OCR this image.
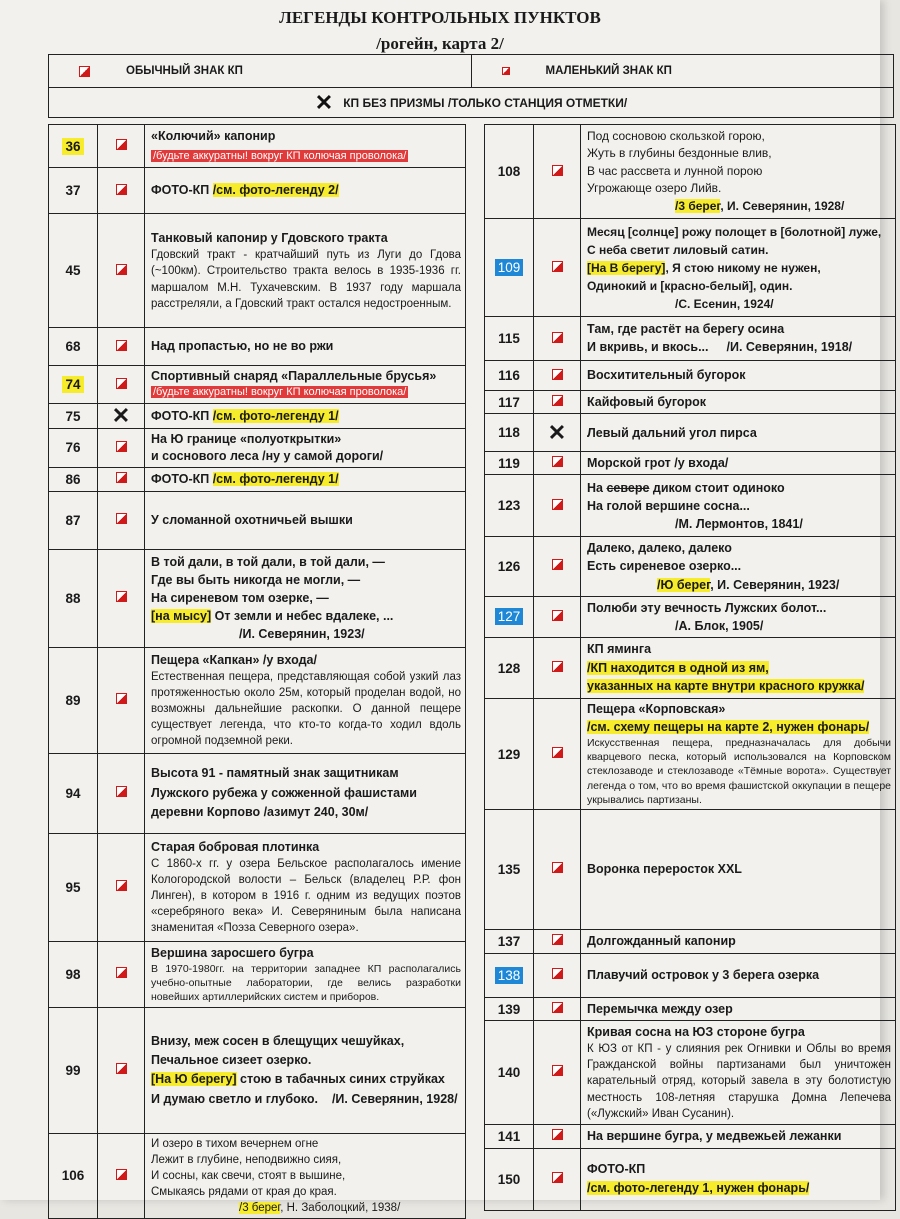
ЛЕГЕНДЫ КОНТРОЛЬНЫХ ПУНКТОВ
/рогейн, карта 2/
ОБЫЧНЫЙ ЗНАК КП	МАЛЕНЬКИЙ ЗНАК КП
✕ КП БЕЗ ПРИЗМЫ /ТОЛЬКО СТАНЦИЯ ОТМЕТКИ/
36		«Колючий» капонир
/будьте аккуратны! вокруг КП колючая проволока/
37		ФОТО-КП /см. фото-легенду 2/
45		Танковый капонир у Гдовского тракта
Гдовский тракт - кратчайший путь из Луги до Гдова (~100км). Строительство тракта велось в 1935-1936 гг. маршалом М.Н. Тухачевским. В 1937 году маршала расстреляли, а Гдовский тракт остался недостроенным.

68		Над пропастью, но не во ржи
74		Спортивный снаряд «Параллельные брусья»
/будьте аккуратны! вокруг КП колючая проволока/
75	✕	ФОТО-КП /см. фото-легенду 1/
76		На Ю границе «полуоткрытки»
и соснового леса /ну у самой дороги/

86		ФОТО-КП /см. фото-легенду 1/
87		У сломанной охотничьей вышки
88		В той дали, в той дали, в той дали, —
Где вы быть никогда не могли, —
На сиреневом том озерке, —
[на мысу] От земли и небес вдалеке, ...
/И. Северянин, 1923/

89		Пещера «Капкан» /у входа/
Естественная пещера, представляющая собой узкий лаз протяженностью около 25м, который проделан водой, но возможны дальнейшие раскопки. О данной пещере существует легенда, что кто-то когда-то ходил вдоль огромной подземной реки.

94		Высота 91 - памятный знак защитникам
Лужского рубежа у сожженной фашистами
деревни Корпово /азимут 240, 30м/

95		Старая бобровая плотинка
С 1860-х гг. у озера Бельское располагалось имение Кологородской волости – Бельск (владелец Р.Р. фон Линген), в котором в 1916 г. одним из ведущих поэтов «серебряного века» И. Северяниным была написана знаменитая «Поэза Северного озера».

98		Вершина заросшего бугра
В 1970-1980гг. на территории западнее КП располагались учебно-опытные лаборатории, где велись разработки новейших артиллерийских систем и приборов.

99		Внизу, меж сосен в блещущих чешуйках,
Печальное сизеет озерко.
[На Ю берегу] стою в табачных синих струйках
И думаю светло и глубоко. /И. Северянин, 1928/

106		И озеро в тихом вечернем огне
Лежит в глубине, неподвижно сияя,
И сосны, как свечи, стоят в вышине,
Смыкаясь рядами от края до края.
/3 берег, Н. Заболоцкий, 1938/
108		Под сосновою скользкой горою,
Жуть в глубины бездонные влив,
В час рассвета и лунной порою
Угрожающе озеро Лийв.
/3 берег, И. Северянин, 1928/

109		Месяц [солнце] рожу полощет в [болотной] луже,
С неба светит лиловый сатин.
[На В берегу], Я стою никому не нужен,
Одинокий и [красно-белый], один.
/С. Есенин, 1924/

115		Там, где растёт на берегу осина
И вкривь, и вкось... /И. Северянин, 1918/

116		Восхитительный бугорок
117		Кайфовый бугорок
118	✕	Левый дальний угол пирса
119		Морской грот /у входа/
123		На севере диком стоит одиноко
На голой вершине сосна...
/М. Лермонтов, 1841/

126		Далеко, далеко, далеко
Есть сиреневое озерко...
/Ю берег, И. Северянин, 1923/

127		Полюби эту вечность Лужских болот...
/А. Блок, 1905/

128		КП яминга
/КП находится в одной из ям,
указанных на карте внутри красного кружка/

129		Пещера «Корповская»
/см. схему пещеры на карте 2, нужен фонарь/
Искусственная пещера, предназначалась для добычи кварцевого песка, который использовался на Корповском стеклозаводе и стеклозаводе «Тёмные ворота». Существует легенда о том, что во время фашистской оккупации в пещере укрывались партизаны.

135		Воронка переросток XXL
137		Долгожданный капонир
138		Плавучий островок у 3 берега озерка
139		Перемычка между озер
140		Кривая сосна на ЮЗ стороне бугра
К ЮЗ от КП - у слияния рек Огнивки и Облы во время Гражданской войны партизанами был уничтожен карательный отряд, который завела в эту болотистую местность 108-летняя старушка Домна Лепечева («Лужский» Иван Сусанин).

141		На вершине бугра, у медвежьей лежанки
150		ФОТО-КП
/см. фото-легенду 1, нужен фонарь/
